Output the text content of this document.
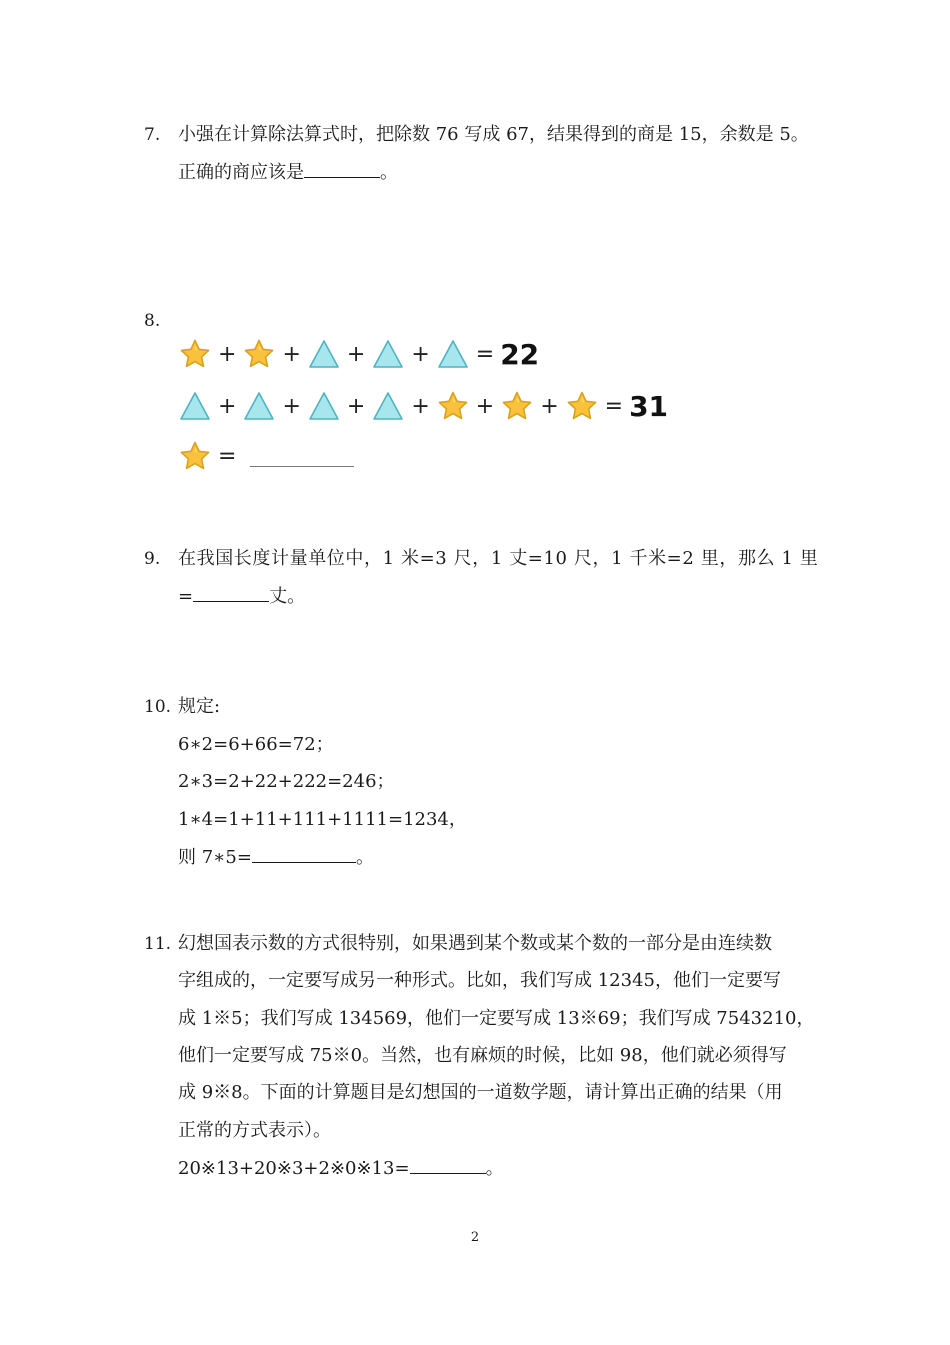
7. 小强在计算除法算式时，把除数 76 写成 67，结果得到的商是 15，余数是 5。
正确的商应该是	。
8.
+ + + + = 22
+ + + + + + = 31
=
9. 在我国长度计量单位中，1 米=3 尺，1 丈=10 尺，1 千米=2 里，那么 1 里
=	丈。
10. 规定:
6∗2=6+66=72；
2∗3=2+22+222=246；
1∗4=1+11+111+1111=1234，
则 7∗5=	。
11. 幻想国表示数的方式很特别，如果遇到某个数或某个数的一部分是由连续数
字组成的，一定要写成另一种形式。比如，我们写成 12345，他们一定要写
成 1※5；我们写成 134569，他们一定要写成 13※69；我们写成 7543210，
他们一定要写成 75※0。当然，也有麻烦的时候，比如 98，他们就必须得写
成 9※8。下面的计算题目是幻想国的一道数学题，请计算出正确的结果（用
正常的方式表示）。
20※13+20※3+2※0※13=	。
2
